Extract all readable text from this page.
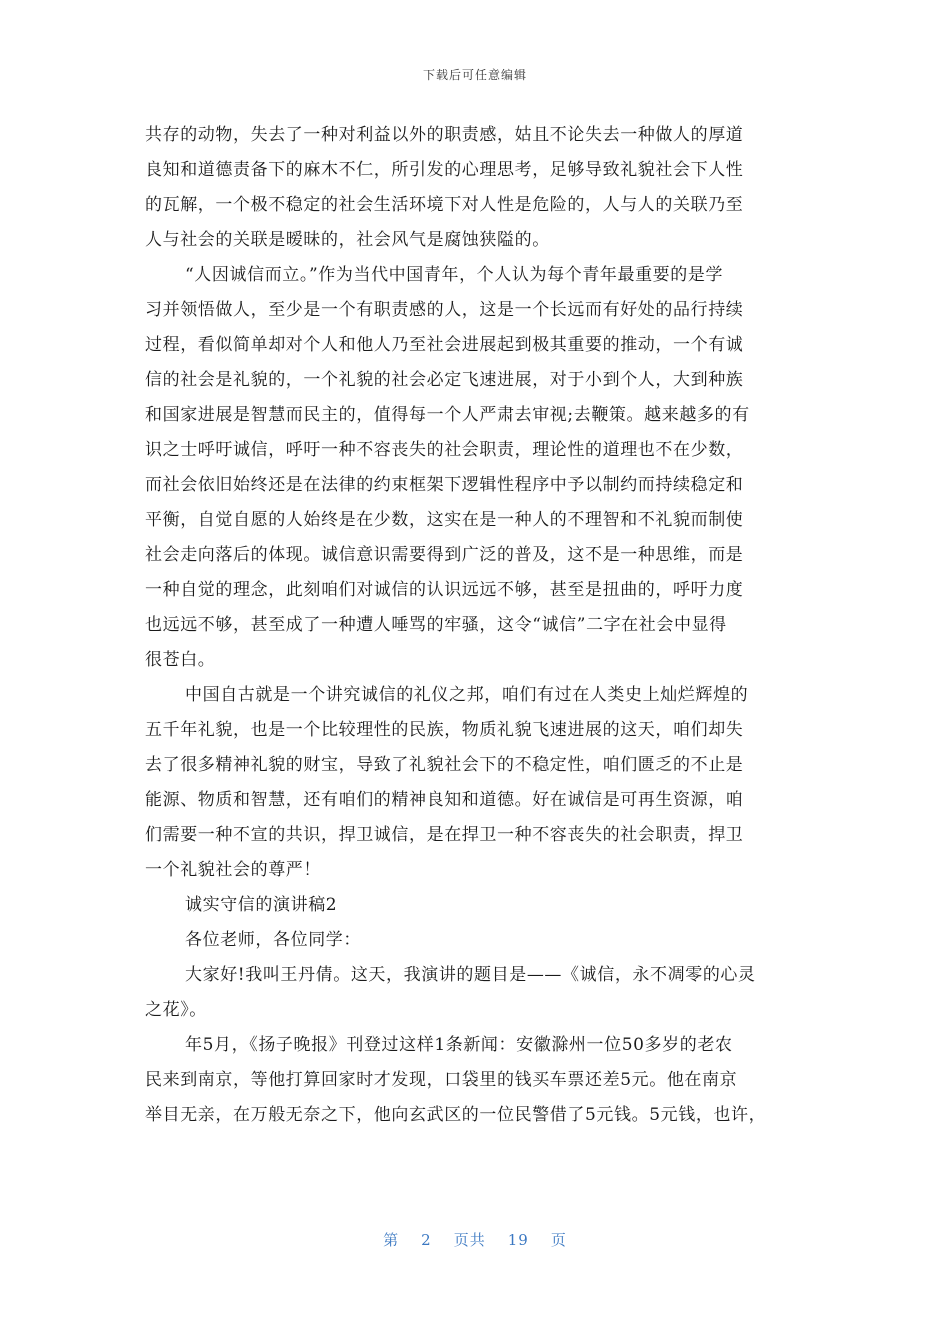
下载后可任意编辑
共存的动物，失去了一种对利益以外的职责感，姑且不论失去一种做人的厚道
良知和道德责备下的麻木不仁，所引发的心理思考，足够导致礼貌社会下人性
的瓦解，一个极不稳定的社会生活环境下对人性是危险的，人与人的关联乃至
人与社会的关联是暧昧的，社会风气是腐蚀狭隘的。
“人因诚信而立。”作为当代中国青年，个人认为每个青年最重要的是学
习并领悟做人，至少是一个有职责感的人，这是一个长远而有好处的品行持续
过程，看似简单却对个人和他人乃至社会进展起到极其重要的推动，一个有诚
信的社会是礼貌的，一个礼貌的社会必定飞速进展，对于小到个人，大到种族
和国家进展是智慧而民主的，值得每一个人严肃去审视;去鞭策。越来越多的有
识之士呼吁诚信，呼吁一种不容丧失的社会职责，理论性的道理也不在少数，
而社会依旧始终还是在法律的约束框架下逻辑性程序中予以制约而持续稳定和
平衡，自觉自愿的人始终是在少数，这实在是一种人的不理智和不礼貌而制使
社会走向落后的体现。诚信意识需要得到广泛的普及，这不是一种思维，而是
一种自觉的理念，此刻咱们对诚信的认识远远不够，甚至是扭曲的，呼吁力度
也远远不够，甚至成了一种遭人唾骂的牢骚，这令“诚信”二字在社会中显得
很苍白。
中国自古就是一个讲究诚信的礼仪之邦，咱们有过在人类史上灿烂辉煌的
五千年礼貌，也是一个比较理性的民族，物质礼貌飞速进展的这天，咱们却失
去了很多精神礼貌的财宝，导致了礼貌社会下的不稳定性，咱们匮乏的不止是
能源、物质和智慧，还有咱们的精神良知和道德。好在诚信是可再生资源，咱
们需要一种不宣的共识，捍卫诚信，是在捍卫一种不容丧失的社会职责，捍卫
一个礼貌社会的尊严！
诚实守信的演讲稿2
各位老师，各位同学：
大家好!我叫王丹倩。这天，我演讲的题目是——《诚信，永不凋零的心灵
之花》。
年5月，《扬子晚报》刊登过这样1条新闻：安徽滁州一位50多岁的老农
民来到南京，等他打算回家时才发现，口袋里的钱买车票还差5元。他在南京
举目无亲，在万般无奈之下，他向玄武区的一位民警借了5元钱。5元钱，也许，
第 2 页共 19 页
